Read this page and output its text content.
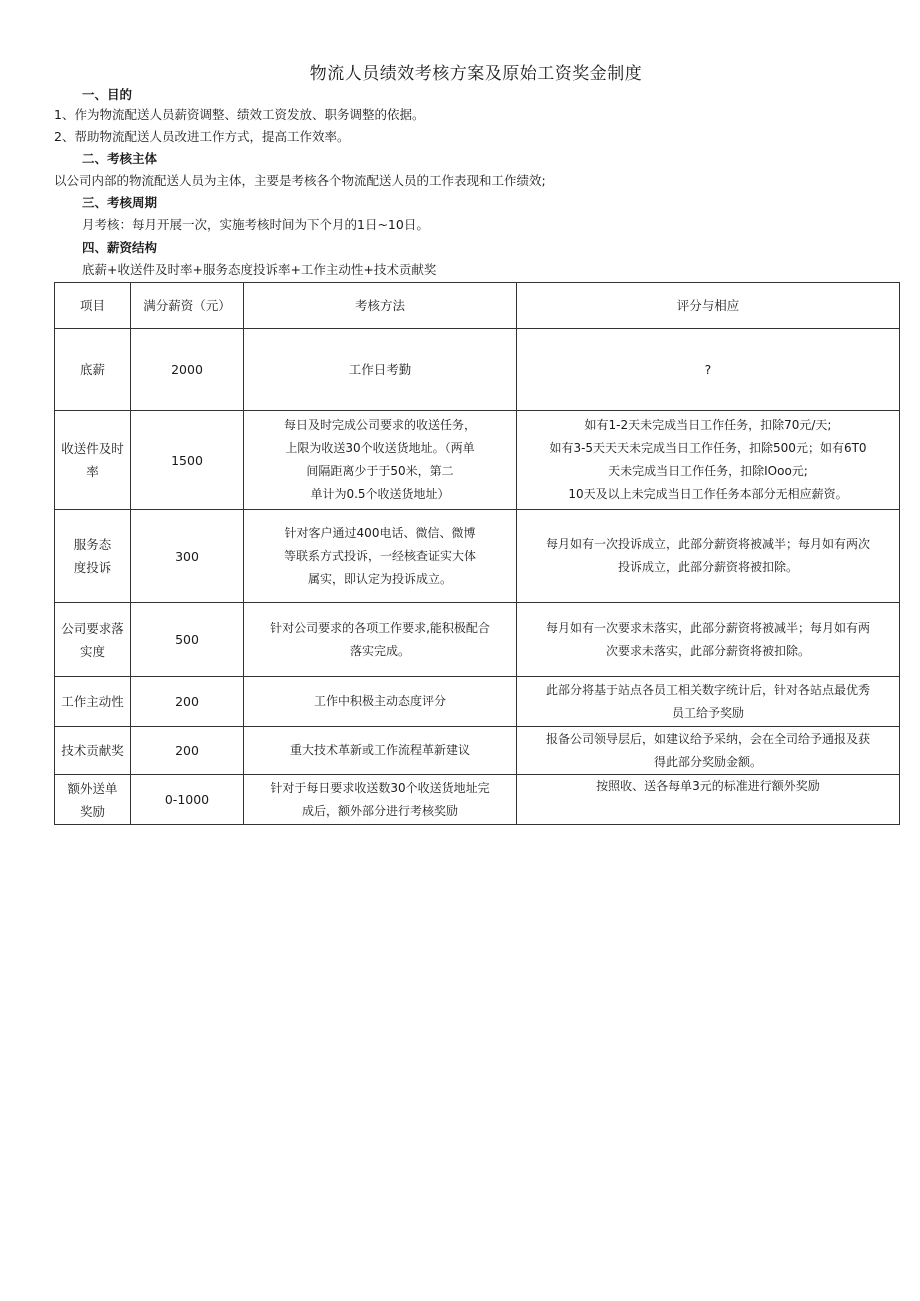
物流人员绩效考核方案及原始工资奖金制度
一、目的
1、作为物流配送人员薪资调整、绩效工资发放、职务调整的依据。
2、帮助物流配送人员改进工作方式，提高工作效率。
二、考核主体
以公司内部的物流配送人员为主体，主要是考核各个物流配送人员的工作表现和工作绩效;
三、考核周期
月考核：每月开展一次，实施考核时间为下个月的1日~10日。
四、薪资结构
底薪+收送件及时率+服务态度投诉率+工作主动性+技术贡献奖
项目	满分薪资（元）	考核方法	评分与相应

底薪	2000	工作日考勤	?

收送件及时
率	1500	每日及时完成公司要求的收送任务，
上限为收送30个收送货地址。（两单
间隔距离少于于50米，第二
单计为0.5个收送货地址）	如有1-2天未完成当日工作任务，扣除70元/天;
如有3-5天天天未完成当日工作任务，扣除500元；如有6T0
天未完成当日工作任务，扣除IOoo元;
10天及以上未完成当日工作任务本部分无相应薪资。

服务态
度投诉	300	针对客户通过400电话、微信、微博
等联系方式投诉，一经核查证实大体
属实，即认定为投诉成立。	每月如有一次投诉成立，此部分薪资将被减半；每月如有两次
投诉成立，此部分薪资将被扣除。

公司要求落
实度	500	针对公司要求的各项工作要求,能积极配合
落实完成。	每月如有一次要求未落实，此部分薪资将被减半；每月如有两
次要求未落实，此部分薪资将被扣除。

工作主动性	200	工作中积极主动态度评分	此部分将基于站点各员工相关数字统计后，针对各站点最优秀
员工给予奖励

技术贡献奖	200	重大技术革新或工作流程革新建议	报备公司领导层后，如建议给予采纳，会在全司给予通报及获
得此部分奖励金额。

额外送单
奖励	0-1000	针对于每日要求收送数30个收送货地址完
成后，额外部分进行考核奖励	按照收、送各每单3元的标准进行额外奖励
